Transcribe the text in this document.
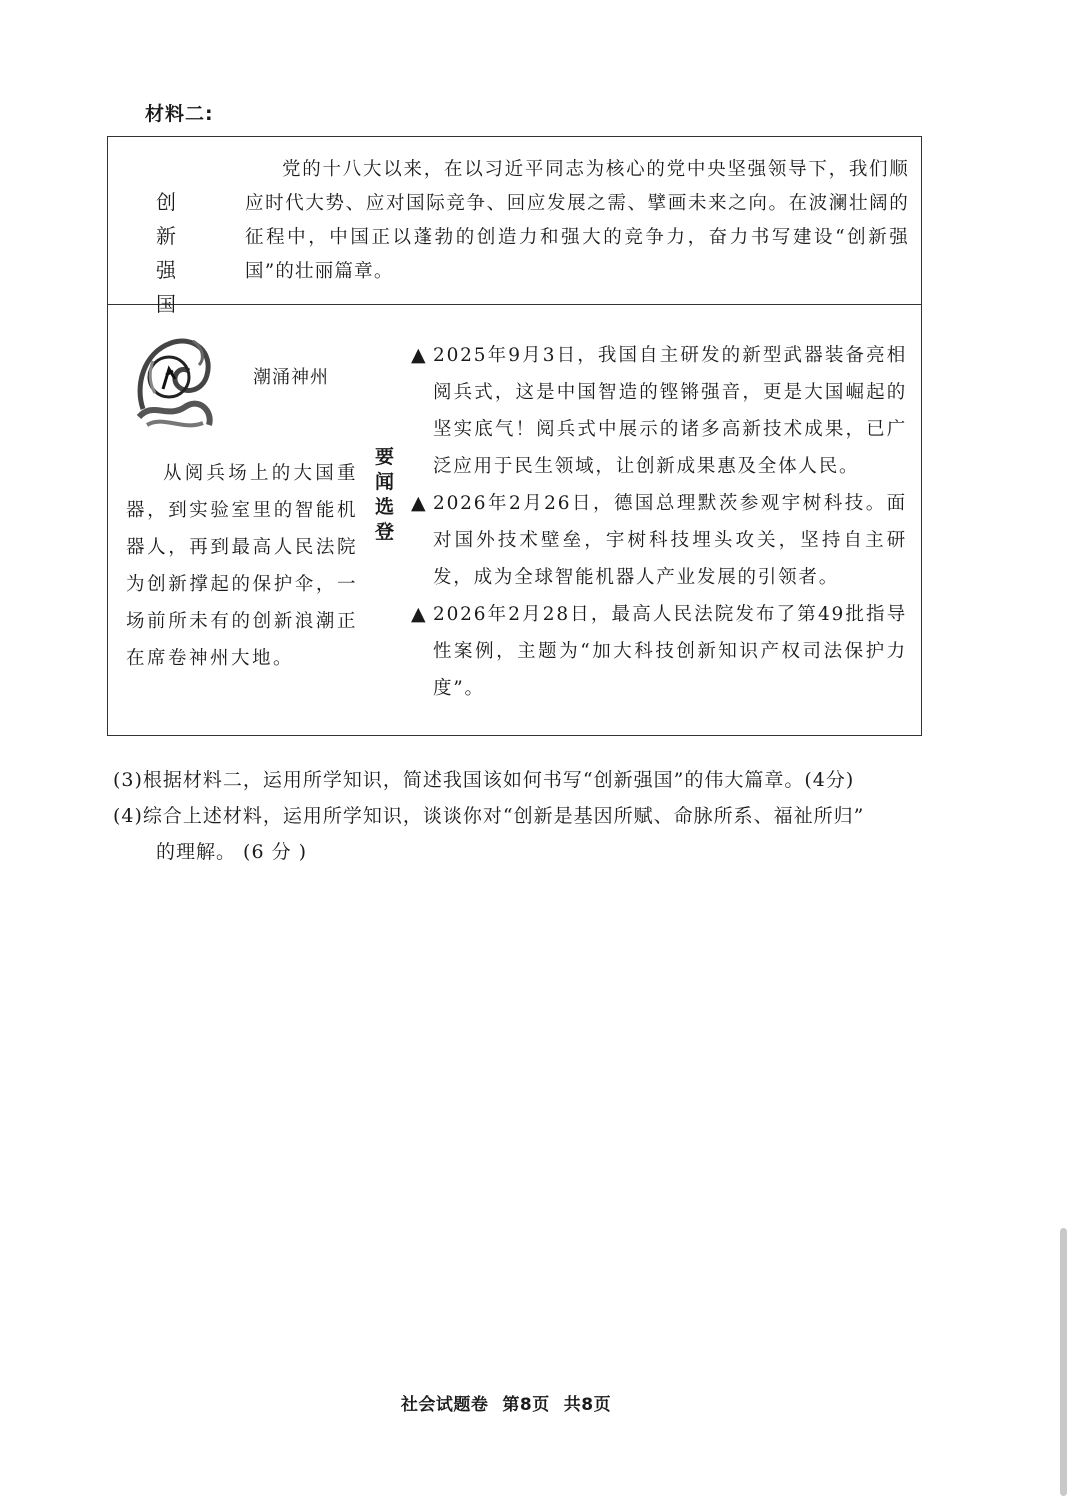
材料二:
创 新
强 国

党的十八大以来，在以习近平同志为核心的党中央坚强领导下，我们顺应时代大势、应对国际竞争、回应发展之需、擘画未来之向。在波澜壮阔的征程中，中国正以蓬勃的创造力和强大的竞争力，奋力书写建设“创新强国”的壮丽篇章。

潮涌神州

从阅兵场上的大国重器，到实验室里的智能机器人，再到最高人民法院为创新撑起的保护伞，一场前所未有的创新浪潮正在席卷神州大地。

要
闻
选
登
▲ 2025年9月3日，我国自主研发的新型武器装备亮相阅兵式，这是中国智造的铿锵强音，更是大国崛起的坚实底气！阅兵式中展示的诸多高新技术成果，已广泛应用于民生领域，让创新成果惠及全体人民。
▲ 2026年2月26日，德国总理默茨参观宇树科技。面对国外技术壁垒，宇树科技埋头攻关，坚持自主研发，成为全球智能机器人产业发展的引领者。
▲ 2026年2月28日，最高人民法院发布了第49批指导性案例，主题为“加大科技创新知识产权司法保护力度”。

(3)根据材料二，运用所学知识，简述我国该如何书写“创新强国”的伟大篇章。(4分)

(4)综合上述材料，运用所学知识，谈谈你对“创新是基因所赋、命脉所系、福祉所归”

的理解。 (6 分 )

社会试题卷 第8页 共8页
